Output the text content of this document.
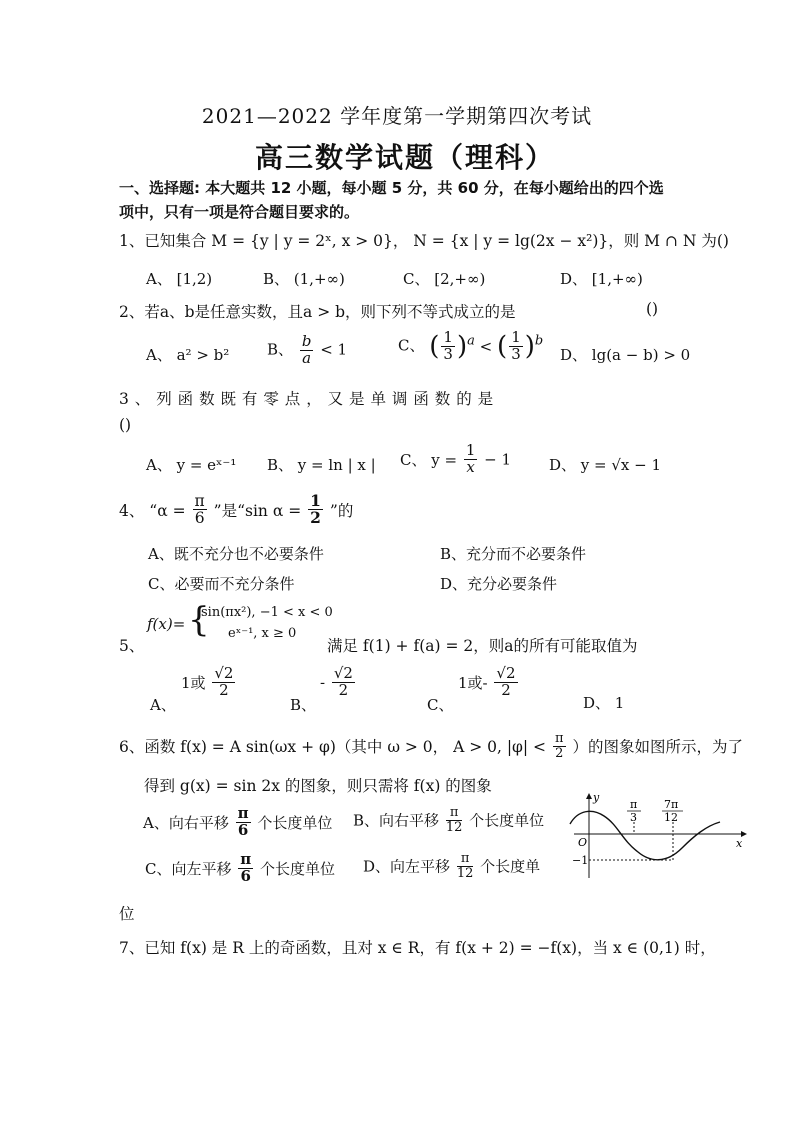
2021—2022 学年度第一学期第四次考试
高三数学试题（理科）
一、选择题: 本大题共 12 小题，每小题 5 分，共 60 分，在每小题给出的四个选
项中，只有一项是符合题目要求的。
1、已知集合 M = {y | y = 2ˣ, x > 0}， N = {x | y = lg(2x − x²)}，则 M ∩ N 为()
A、 [1,2)	B、 (1,+∞)	C、 [2,+∞)	D、 [1,+∞)
2、若a、b是任意实数，且a > b，则下列不等式成立的是	()
A、 a² > b²	B、 $\frac{b}{a} < 1$	C、 ( $\frac{1}{3} )^a$ < ( $\frac{1}{3} )^b$
D、 lg(a − b) > 0
3 、 列 函 数 既 有 零 点 ， 又 是 单 调 函 数 的 是
()
A、 y = eˣ⁻¹ B、 y = ln | x | C、 $y = \frac{1}{x} - 1$	D、 y = √x − 1
4、 “$\alpha = \frac{\pi}{6}$ ”是“sin $\alpha = \frac{1}{2}$ ”的
A、既不充分也不必要条件	B、充分而不必要条件
C、必要而不充分条件	D、充分必要条件
5、
f(x)= {
sin(πx²), −1 < x < 0
eˣ⁻¹, x ≥ 0
满足 f(1) + f(a) = 2，则a的所有可能取值为
A、
1或 $\frac{√2}{2}$
B、
- $\frac{√2}{2}$
C、
1或- $\frac{√2}{2}$
D、 1
6、函数 f(x) = A sin(ωx + φ)（其中 ω > 0， A > 0, $|\varphi| < \frac{\pi}{2}$ ）的图象如图所示，为了
得到 g(x) = sin 2x 的图象，则只需将 f(x) 的图象
A、向右平移 $\frac{\pi}{6}$ 个长度单位 B、向右平移 $\frac{\pi}{12}$ 个长度单位
C、向左平移 $\frac{\pi}{6}$ 个长度单位 D、向左平移 $\frac{\pi}{12}$ 个长度单
位
y
x
O
π
3
7π
12
−1
7、已知 f(x) 是 R 上的奇函数，且对 x ∈ R，有 f(x + 2) = −f(x)，当 x ∈ (0,1) 时，
